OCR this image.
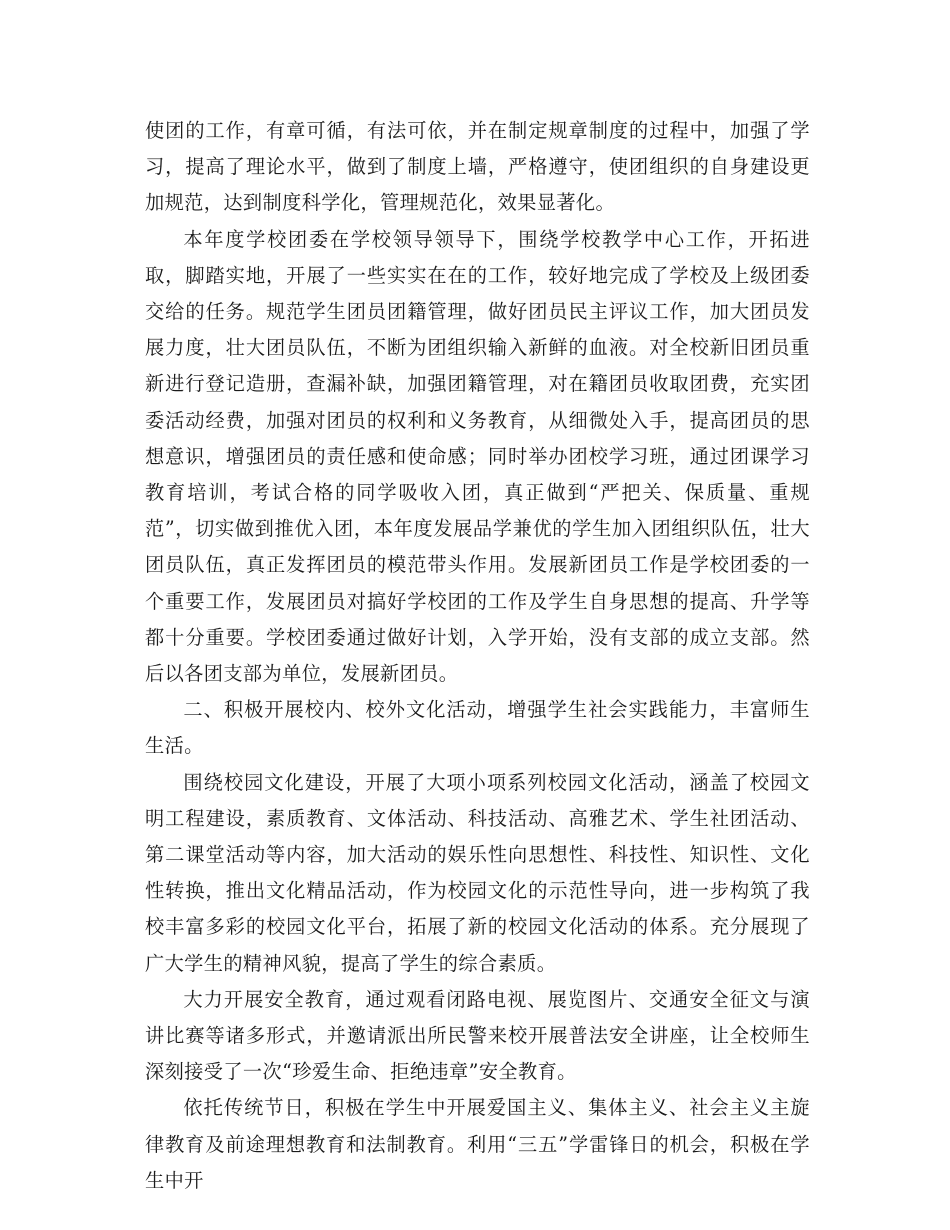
使团的工作，有章可循，有法可依，并在制定规章制度的过程中，加强了学习，提高了理论水平，做到了制度上墙，严格遵守，使团组织的自身建设更加规范，达到制度科学化，管理规范化，效果显著化。

本年度学校团委在学校领导领导下，围绕学校教学中心工作，开拓进取，脚踏实地，开展了一些实实在在的工作，较好地完成了学校及上级团委交给的任务。规范学生团员团籍管理，做好团员民主评议工作，加大团员发展力度，壮大团员队伍，不断为团组织输入新鲜的血液。对全校新旧团员重新进行登记造册，查漏补缺，加强团籍管理，对在籍团员收取团费，充实团委活动经费，加强对团员的权利和义务教育，从细微处入手，提高团员的思想意识，增强团员的责任感和使命感；同时举办团校学习班，通过团课学习教育培训，考试合格的同学吸收入团，真正做到“严把关、保质量、重规范”，切实做到推优入团，本年度发展品学兼优的学生加入团组织队伍，壮大团员队伍，真正发挥团员的模范带头作用。发展新团员工作是学校团委的一个重要工作，发展团员对搞好学校团的工作及学生自身思想的提高、升学等都十分重要。学校团委通过做好计划，入学开始，没有支部的成立支部。然后以各团支部为单位，发展新团员。

二、积极开展校内、校外文化活动，增强学生社会实践能力，丰富师生生活。

围绕校园文化建设，开展了大项小项系列校园文化活动，涵盖了校园文明工程建设，素质教育、文体活动、科技活动、高雅艺术、学生社团活动、第二课堂活动等内容，加大活动的娱乐性向思想性、科技性、知识性、文化性转换，推出文化精品活动，作为校园文化的示范性导向，进一步构筑了我校丰富多彩的校园文化平台，拓展了新的校园文化活动的体系。充分展现了广大学生的精神风貌，提高了学生的综合素质。

大力开展安全教育，通过观看闭路电视、展览图片、交通安全征文与演讲比赛等诸多形式，并邀请派出所民警来校开展普法安全讲座，让全校师生深刻接受了一次“珍爱生命、拒绝违章”安全教育。

依托传统节日，积极在学生中开展爱国主义、集体主义、社会主义主旋律教育及前途理想教育和法制教育。利用“三五”学雷锋日的机会，积极在学生中开
